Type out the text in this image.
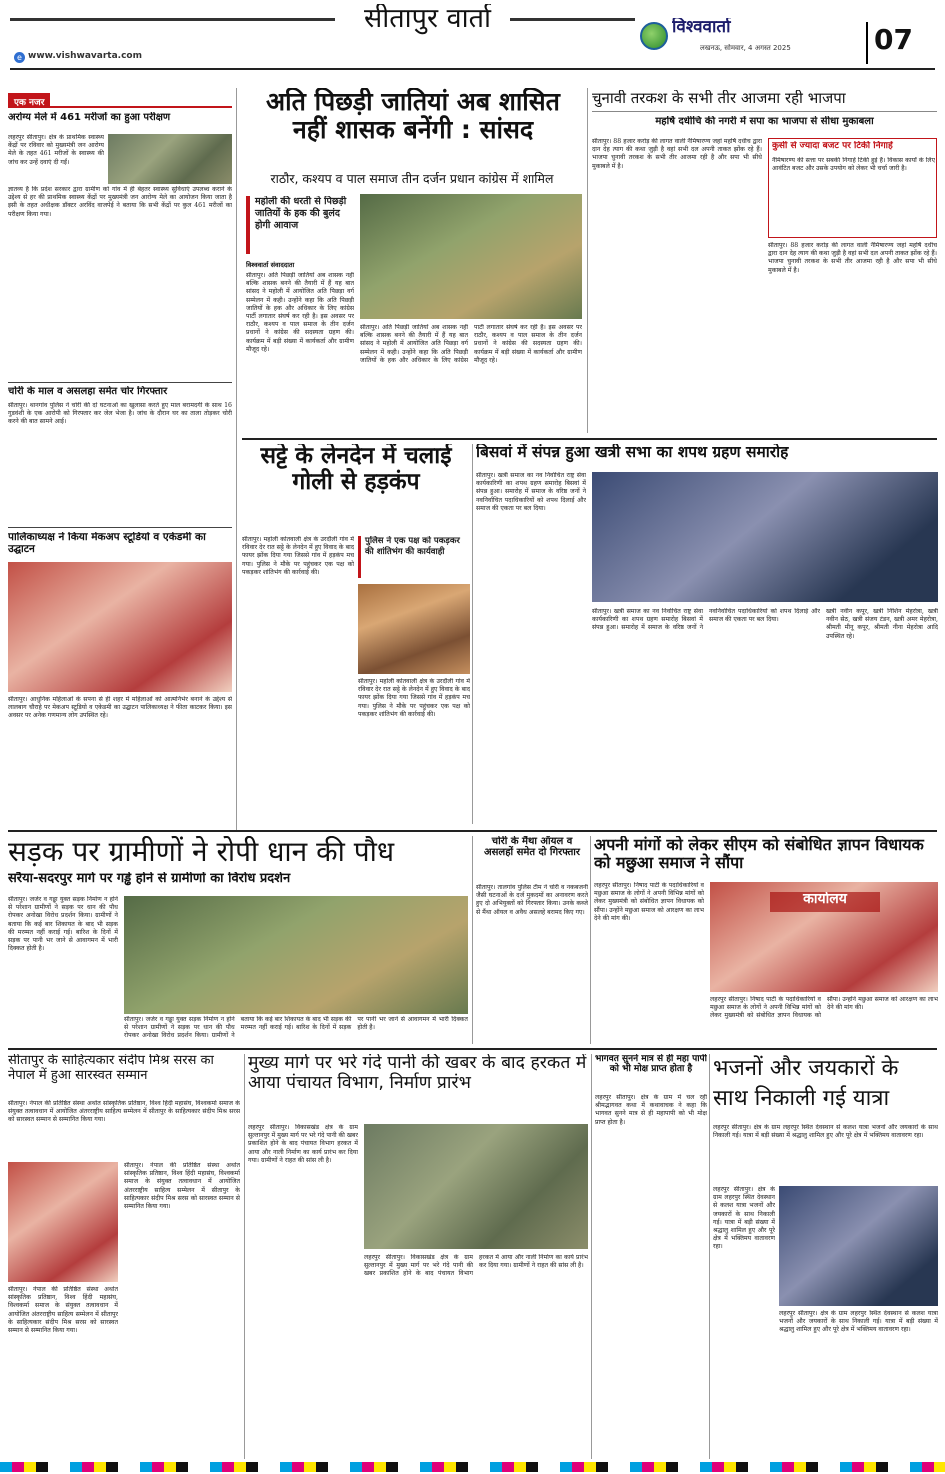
सीतापुर वार्ता	विश्ववार्ता
लखनऊ, सोमवार, 4 अगस्त 2025	07
e www.vishwavarta.com
एक नजर
अरोग्य मेले में 461 मरीजों का हुआ परीक्षण
लहरपुर सीतापुर। क्षेत्र के प्राथमिक स्वास्थ्य केंद्रों पर रविवार को मुख्यमंत्री जन आरोग्य मेले के तहत 461 मरीजों के स्वास्थ्य की जांच कर उन्हें दवाएं दी गईं।
ज्ञातव्य है कि प्रदेश सरकार द्वारा ग्रामीण को गांव में ही बेहतर स्वास्थ्य सुविधाएं उपलब्ध कराने के उद्देश्य से हर की प्राथमिक स्वास्थ्य केंद्रों पर मुख्यमंत्री जन आरोग्य मेले का आयोजन किया जाता है इसी के तहत अधीक्षक डॉक्टर अरविंद वाजपेई ने बताया कि सभी केंद्रों पर कुल 461 मरीजों का परीक्षण किया गया।
चोरी के माल व असलहा समेत चोर गिरफ्तार
सीतापुर। थानगांव पुलिस ने चोरी की दो घटनाओं का खुलासा करते हुए माल बरामदगी के साथ 16 गुडवंशी के एक आरोपी को गिरफ्तार कर जेल भेजा है। जांच के दौरान घर का ताला तोड़कर चोरी करने की बात सामने आई।
पालिकाध्यक्ष ने किया मेकअप स्टूडियो व एकेडमी का उद्घाटन
सीतापुर। आधुनिक महिलाओं के सपना से ही शहर में महिलाओं को आत्मनिर्भर बनाने के उद्देश्य से लालबाग चौराहे पर मेकअप स्टूडियो व एकेडमी का उद्घाटन पालिकाध्यक्ष ने फीता काटकर किया। इस अवसर पर अनेक गणमान्य लोग उपस्थित रहे।
अति पिछड़ी जातियां अब शासित नहीं शासक बनेंगी : सांसद
राठौर, कश्यप व पाल समाज तीन दर्जन प्रधान कांग्रेस में शामिल
महोली की धरती से पिछड़ी जातियों के हक की बुलंद होगी आवाज
विश्ववार्ता संवाददाता
सीतापुर। अति पिछड़ी जातियों अब शासक नहीं बल्कि शासक बनने की तैयारी में हैं यह बात सांसद ने महोली में आयोजित अति पिछड़ा वर्ग सम्मेलन में कही। उन्होंने कहा कि अति पिछड़ी जातियों के हक और अधिकार के लिए कांग्रेस पार्टी लगातार संघर्ष कर रही है। इस अवसर पर राठौर, कश्यप व पाल समाज के तीन दर्जन प्रधानों ने कांग्रेस की सदस्यता ग्रहण की। कार्यक्रम में बड़ी संख्या में कार्यकर्ता और ग्रामीण मौजूद रहे।
सीतापुर। अति पिछड़ी जातियों अब शासक नहीं बल्कि शासक बनने की तैयारी में हैं यह बात सांसद ने महोली में आयोजित अति पिछड़ा वर्ग सम्मेलन में कही। उन्होंने कहा कि अति पिछड़ी जातियों के हक और अधिकार के लिए कांग्रेस पार्टी लगातार संघर्ष कर रही है। इस अवसर पर राठौर, कश्यप व पाल समाज के तीन दर्जन प्रधानों ने कांग्रेस की सदस्यता ग्रहण की। कार्यक्रम में बड़ी संख्या में कार्यकर्ता और ग्रामीण मौजूद रहे।
चुनावी तरकश के सभी तीर आजमा रही भाजपा
महर्षि दधीचि की नगरी में सपा का भाजपा से सीधा मुकाबला
सीतापुर। 88 हजार करोड़ की लागत वाली नैमिषारण्य जहां महर्षि दधीच द्वारा दान देह त्याग की कथा जुड़ी है वहां सभी दल अपनी ताकत झोंक रहे हैं। भाजपा चुनावी तरकश के सभी तीर आजमा रही है और सपा भी सीधे मुकाबले में है।
कुर्सी से ज्यादा बजट पर टिकी निगाहें
नैमिषारण्य की सत्ता पर सबकी निगाहें टिकी हुई हैं। विकास कार्यों के लिए आवंटित बजट और उसके उपयोग को लेकर भी चर्चा जारी है।
सीतापुर। 88 हजार करोड़ की लागत वाली नैमिषारण्य जहां महर्षि दधीच द्वारा दान देह त्याग की कथा जुड़ी है वहां सभी दल अपनी ताकत झोंक रहे हैं। भाजपा चुनावी तरकश के सभी तीर आजमा रही है और सपा भी सीधे मुकाबले में है।
सट्टे के लेनदेन में चलाई गोली से हड़कंप
पुलिस ने एक पक्ष को पकड़कर की शांतिभंग की कार्यवाही
सीतापुर। महोली कोतवाली क्षेत्र के उरदौली गांव में रविवार देर रात सट्टे के लेनदेन में हुए विवाद के बाद फायर झोंक दिया गया जिससे गांव में हड़कंप मच गया। पुलिस ने मौके पर पहुंचकर एक पक्ष को पकड़कर शांतिभंग की कार्रवाई की।
सीतापुर। महोली कोतवाली क्षेत्र के उरदौली गांव में रविवार देर रात सट्टे के लेनदेन में हुए विवाद के बाद फायर झोंक दिया गया जिससे गांव में हड़कंप मच गया। पुलिस ने मौके पर पहुंचकर एक पक्ष को पकड़कर शांतिभंग की कार्रवाई की।
बिसवां में संपन्न हुआ खत्री सभा का शपथ ग्रहण समारोह
सीतापुर। खत्री समाज का नव निर्वाचित राष्ट्र सेवा कार्यकारिणी का शपथ ग्रहण समारोह बिसवां में संपन्न हुआ। समारोह में समाज के वरिष्ठ जनों ने नवनिर्वाचित पदाधिकारियों को शपथ दिलाई और समाज की एकता पर बल दिया।
सीतापुर। खत्री समाज का नव निर्वाचित राष्ट्र सेवा कार्यकारिणी का शपथ ग्रहण समारोह बिसवां में संपन्न हुआ। समारोह में समाज के वरिष्ठ जनों ने नवनिर्वाचित पदाधिकारियों को शपथ दिलाई और समाज की एकता पर बल दिया।
खत्री नवीन कपूर, खत्री निशिन मेहरोत्रा, खत्री नवीन सेठ, खत्री संजय टंडन, खत्री अमर मेहरोत्रा, श्रीमती मीनू कपूर, श्रीमती नीना मेहरोत्रा आदि उपस्थित रहे।
सड़क पर ग्रामीणों ने रोपी धान की पौध
सरैया-सदरपुर मार्ग पर गड्ढे होने से ग्रामीणों का विरोध प्रदर्शन
सीतापुर। जर्जर व गड्ढा युक्त सड़क निर्माण न होने से परेशान ग्रामीणों ने सड़क पर धान की पौध रोपकर अनोखा विरोध प्रदर्शन किया। ग्रामीणों ने बताया कि कई बार शिकायत के बाद भी सड़क की मरम्मत नहीं कराई गई। बारिश के दिनों में सड़क पर पानी भर जाने से आवागमन में भारी दिक्कत होती है।
सीतापुर। जर्जर व गड्ढा युक्त सड़क निर्माण न होने से परेशान ग्रामीणों ने सड़क पर धान की पौध रोपकर अनोखा विरोध प्रदर्शन किया। ग्रामीणों ने बताया कि कई बार शिकायत के बाद भी सड़क की मरम्मत नहीं कराई गई। बारिश के दिनों में सड़क पर पानी भर जाने से आवागमन में भारी दिक्कत होती है।
चोरी के मैंथा ऑयल व असलहों समेत दो गिरफ्तार
सीतापुर। तालगांव पुलिस टीम ने चोरी व नकबजनी जैसी घटनाओं के दर्ज मुकदमों का अनावरण करते हुए दो अभियुक्तों को गिरफ्तार किया। उनके कब्जे से मैंथा ऑयल व अवैध असलहे बरामद किए गए।
अपनी मांगों को लेकर सीएम को संबोधित ज्ञापन विधायक को मछुआ समाज ने सौंपा
लहरपुर सीतापुर। निषाद पार्टी के पदाधिकारियों व मछुआ समाज के लोगों ने अपनी विभिन्न मांगों को लेकर मुख्यमंत्री को संबोधित ज्ञापन विधायक को सौंपा। उन्होंने मछुआ समाज को आरक्षण का लाभ देने की मांग की।
कार्यालय
लहरपुर सीतापुर। निषाद पार्टी के पदाधिकारियों व मछुआ समाज के लोगों ने अपनी विभिन्न मांगों को लेकर मुख्यमंत्री को संबोधित ज्ञापन विधायक को सौंपा। उन्होंने मछुआ समाज को आरक्षण का लाभ देने की मांग की।
सीतापुर के साहित्यकार संदीप मिश्र सरस का नेपाल में हुआ सारस्वत सम्मान
सीतापुर। नेपाल की प्रतिष्ठित संस्था अर्थात सांस्कृतिक प्रतिष्ठान, विश्व हिंदी महासंघ, विश्वकर्मा समाज के संयुक्त तत्वावधान में आयोजित अंतरराष्ट्रीय साहित्य सम्मेलन में सीतापुर के साहित्यकार संदीप मिश्र सरस को सारस्वत सम्मान से सम्मानित किया गया।
सीतापुर। नेपाल की प्रतिष्ठित संस्था अर्थात सांस्कृतिक प्रतिष्ठान, विश्व हिंदी महासंघ, विश्वकर्मा समाज के संयुक्त तत्वावधान में आयोजित अंतरराष्ट्रीय साहित्य सम्मेलन में सीतापुर के साहित्यकार संदीप मिश्र सरस को सारस्वत सम्मान से सम्मानित किया गया।
सीतापुर। नेपाल की प्रतिष्ठित संस्था अर्थात सांस्कृतिक प्रतिष्ठान, विश्व हिंदी महासंघ, विश्वकर्मा समाज के संयुक्त तत्वावधान में आयोजित अंतरराष्ट्रीय साहित्य सम्मेलन में सीतापुर के साहित्यकार संदीप मिश्र सरस को सारस्वत सम्मान से सम्मानित किया गया।
मुख्य मार्ग पर भरे गंदे पानी की खबर के बाद हरकत में आया पंचायत विभाग, निर्माण प्रारंभ
लहरपुर सीतापुर। विकासखंड क्षेत्र के ग्राम सुल्तानपुर में मुख्य मार्ग पर भरे गंदे पानी की खबर प्रकाशित होने के बाद पंचायत विभाग हरकत में आया और नाली निर्माण का कार्य प्रारंभ कर दिया गया। ग्रामीणों ने राहत की सांस ली है।
लहरपुर सीतापुर। विकासखंड क्षेत्र के ग्राम सुल्तानपुर में मुख्य मार्ग पर भरे गंदे पानी की खबर प्रकाशित होने के बाद पंचायत विभाग हरकत में आया और नाली निर्माण का कार्य प्रारंभ कर दिया गया। ग्रामीणों ने राहत की सांस ली है।
भागवत सुनने मात्र से ही महा पापी को भी मोक्ष प्राप्त होता है
लहरपुर सीतापुर। क्षेत्र के ग्राम में चल रही श्रीमद्भागवत कथा में कथावाचक ने कहा कि भागवत सुनने मात्र से ही महापापी को भी मोक्ष प्राप्त होता है।
भजनों और जयकारों के साथ निकाली गई यात्रा
लहरपुर सीतापुर। क्षेत्र के ग्राम लहरपुर स्थित देवस्थान से कलश यात्रा भजनों और जयकारों के साथ निकाली गई। यात्रा में बड़ी संख्या में श्रद्धालु शामिल हुए और पूरे क्षेत्र में भक्तिमय वातावरण रहा।
लहरपुर सीतापुर। क्षेत्र के ग्राम लहरपुर स्थित देवस्थान से कलश यात्रा भजनों और जयकारों के साथ निकाली गई। यात्रा में बड़ी संख्या में श्रद्धालु शामिल हुए और पूरे क्षेत्र में भक्तिमय वातावरण रहा।
लहरपुर सीतापुर। क्षेत्र के ग्राम लहरपुर स्थित देवस्थान से कलश यात्रा भजनों और जयकारों के साथ निकाली गई। यात्रा में बड़ी संख्या में श्रद्धालु शामिल हुए और पूरे क्षेत्र में भक्तिमय वातावरण रहा।
